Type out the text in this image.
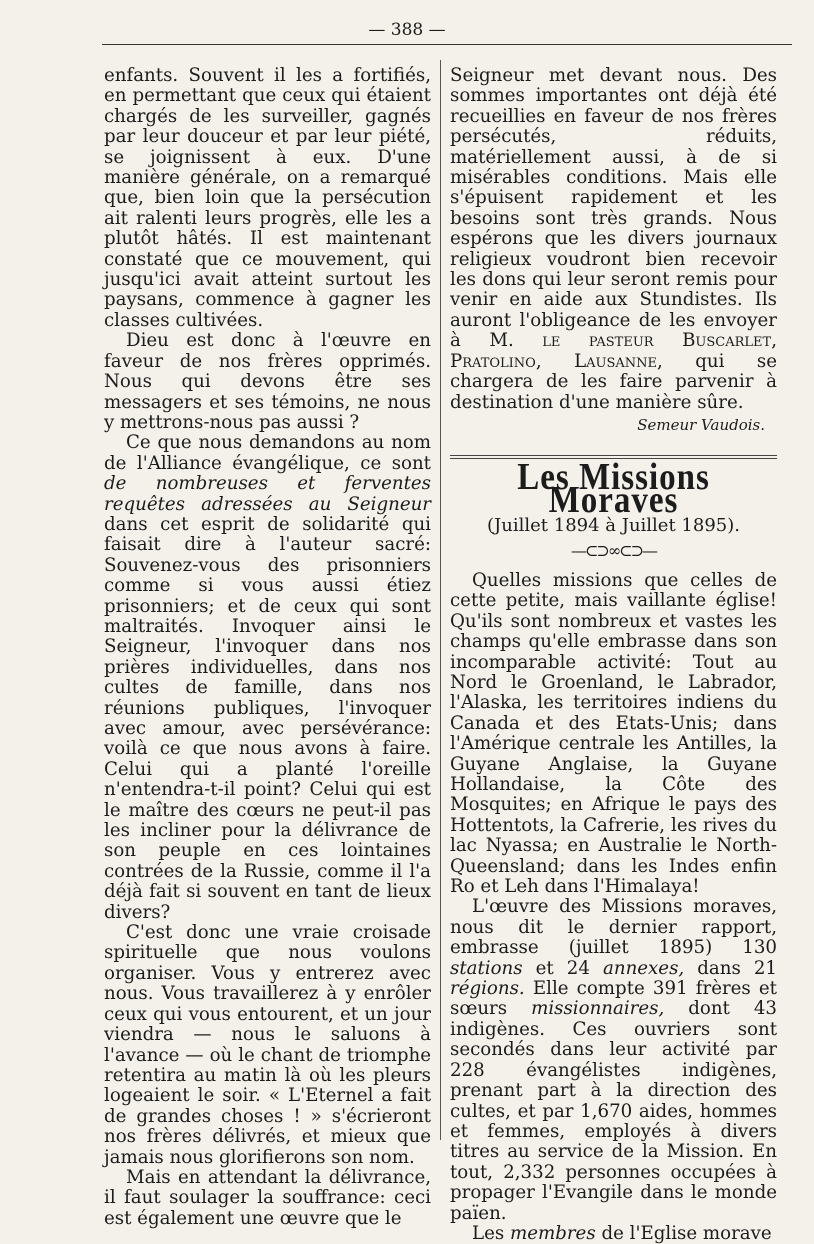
— 388 —

enfants. Souvent il les a fortifiés, en permettant que ceux qui étaient chargés de les surveiller, gagnés par leur douceur et par leur piété, se joignissent à eux. D'une manière générale, on a remarqué que, bien loin que la persécution ait ralenti leurs progrès, elle les a plutôt hâtés. Il est maintenant constaté que ce mouvement, qui jusqu'ici avait atteint surtout les paysans, commence à gagner les classes cultivées.

Dieu est donc à l'œuvre en faveur de nos frères opprimés. Nous qui devons être ses messagers et ses témoins, ne nous y mettrons-nous pas aussi ?

Ce que nous demandons au nom de l'Alliance évangélique, ce sont de nombreuses et ferventes requêtes adressées au Seigneur dans cet esprit de solidarité qui faisait dire à l'auteur sacré: Souvenez-vous des prisonniers comme si vous aussi étiez prisonniers; et de ceux qui sont maltraités. Invoquer ainsi le Seigneur, l'invoquer dans nos prières individuelles, dans nos cultes de famille, dans nos réunions publiques, l'invoquer avec amour, avec persévérance: voilà ce que nous avons à faire. Celui qui a planté l'oreille n'entendra-t-il point? Celui qui est le maître des cœurs ne peut-il pas les incliner pour la délivrance de son peuple en ces lointaines contrées de la Russie, comme il l'a déjà fait si souvent en tant de lieux divers?

C'est donc une vraie croisade spirituelle que nous voulons organiser. Vous y entrerez avec nous. Vous travaillerez à y enrôler ceux qui vous entourent, et un jour viendra — nous le saluons à l'avance — où le chant de triomphe retentira au matin là où les pleurs logeaient le soir. « L'Eternel a fait de grandes choses ! » s'écrieront nos frères délivrés, et mieux que jamais nous glorifierons son nom.

Mais en attendant la délivrance, il faut soulager la souffrance: ceci est également une œuvre que le

Seigneur met devant nous. Des sommes importantes ont déjà été recueillies en faveur de nos frères persécutés, réduits, matériellement aussi, à de si misérables conditions. Mais elle s'épuisent rapidement et les besoins sont très grands. Nous espérons que les divers journaux religieux voudront bien recevoir les dons qui leur seront remis pour venir en aide aux Stundistes. Ils auront l'obligeance de les envoyer à M. le pasteur Buscarlet, Pratolino, Lausanne, qui se chargera de les faire parvenir à destination d'une manière sûre.

Semeur Vaudois.
Les Missions Moraves
(Juillet 1894 à Juillet 1895).
—⊂⊃∞⊂⊃—

Quelles missions que celles de cette petite, mais vaillante église! Qu'ils sont nombreux et vastes les champs qu'elle embrasse dans son incomparable activité: Tout au Nord le Groenland, le Labrador, l'Alaska, les territoires indiens du Canada et des Etats-Unis; dans l'Amérique centrale les Antilles, la Guyane Anglaise, la Guyane Hollandaise, la Côte des Mosquites; en Afrique le pays des Hottentots, la Cafrerie, les rives du lac Nyassa; en Australie le North-Queensland; dans les Indes enfin Ro et Leh dans l'Himalaya!

L'œuvre des Missions moraves, nous dit le dernier rapport, embrasse (juillet 1895) 130 stations et 24 annexes, dans 21 régions. Elle compte 391 frères et sœurs missionnaires, dont 43 indigènes. Ces ouvriers sont secondés dans leur activité par 228 évangélistes indigènes, prenant part à la direction des cultes, et par 1,670 aides, hommes et femmes, employés à divers titres au service de la Mission. En tout, 2,332 personnes occupées à propager l'Evangile dans le monde païen.

Les membres de l'Eglise morave
